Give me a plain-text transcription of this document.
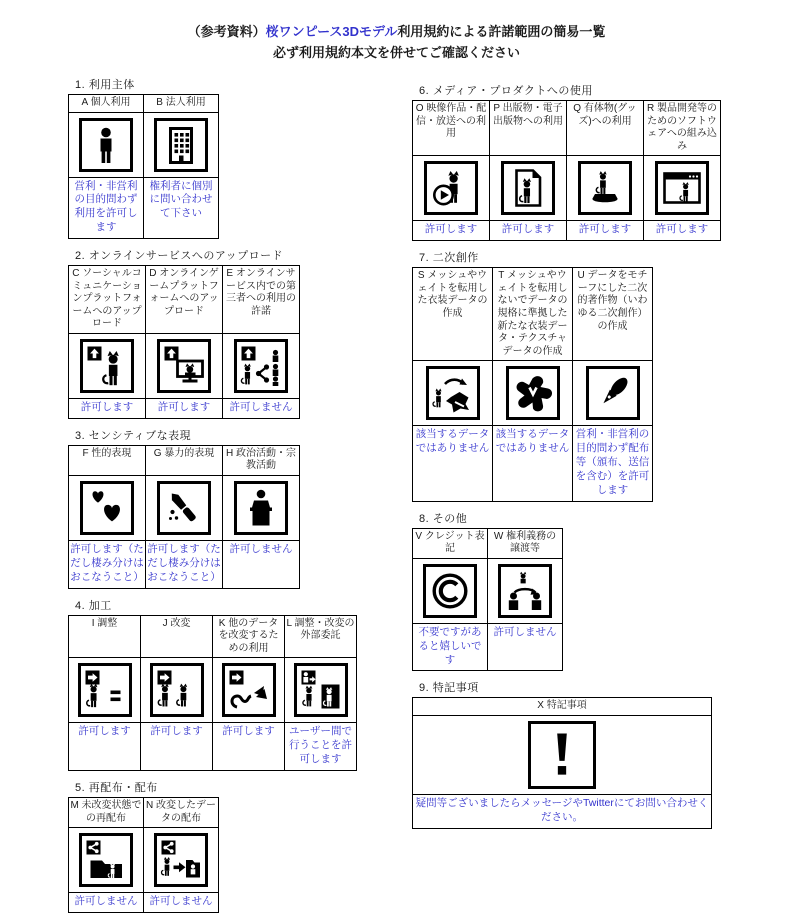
（参考資料）桜ワンピース3Dモデル利用規約による許諾範囲の簡易一覧
必ず利用規約本文を併せてご確認ください
1. 利用主体
A 個人利用	B 法人利用

営利・非営利の目的問わず利用を許可します	権利者に個別に問い合わせて下さい
2. オンラインサービスへのアップロード
C ソーシャルコミュニケーションプラットフォームへのアップロード	D オンラインゲームプラットフォームへのアップロード	E オンラインサービス内での第三者への利用の許諾

許可します	許可します	許可しません
3. センシティブな表現
F 性的表現	G 暴力的表現	H 政治活動・宗教活動

許可します（ただし棲み分けはおこなうこと）	許可します（ただし棲み分けはおこなうこと）	許可しません
4. 加工
I 調整	J 改変	K 他のデータを改変するための利用	L 調整・改変の外部委託

許可します	許可します	許可します	ユーザー間で行うことを許可します
5. 再配布・配布
M 未改変状態での再配布	N 改変したデータの配布

許可しません	許可しません
6. メディア・プロダクトへの使用
O 映像作品・配信・放送への利用	P 出版物・電子出版物への利用	Q 有体物(グッズ)への利用	R 製品開発等のためのソフトウェアへの組み込み

許可します	許可します	許可します	許可します
7. 二次創作
S メッシュやウェイトを転用した衣装データの作成	T メッシュやウェイトを転用しないでデータの規格に準拠した新たな衣装データ・テクスチャデータの作成	U データをモチーフにした二次的著作物（いわゆる二次創作）の作成

該当するデータではありません	該当するデータではありません	営利・非営利の目的問わず配布等（頒布、送信を含む）を許可します
8. その他
V クレジット表記	W 権利義務の譲渡等

不要ですがあると嬉しいです	許可しません
9. 特記事項
X 特記事項

疑問等ございましたらメッセージやTwitterにてお問い合わせください。
